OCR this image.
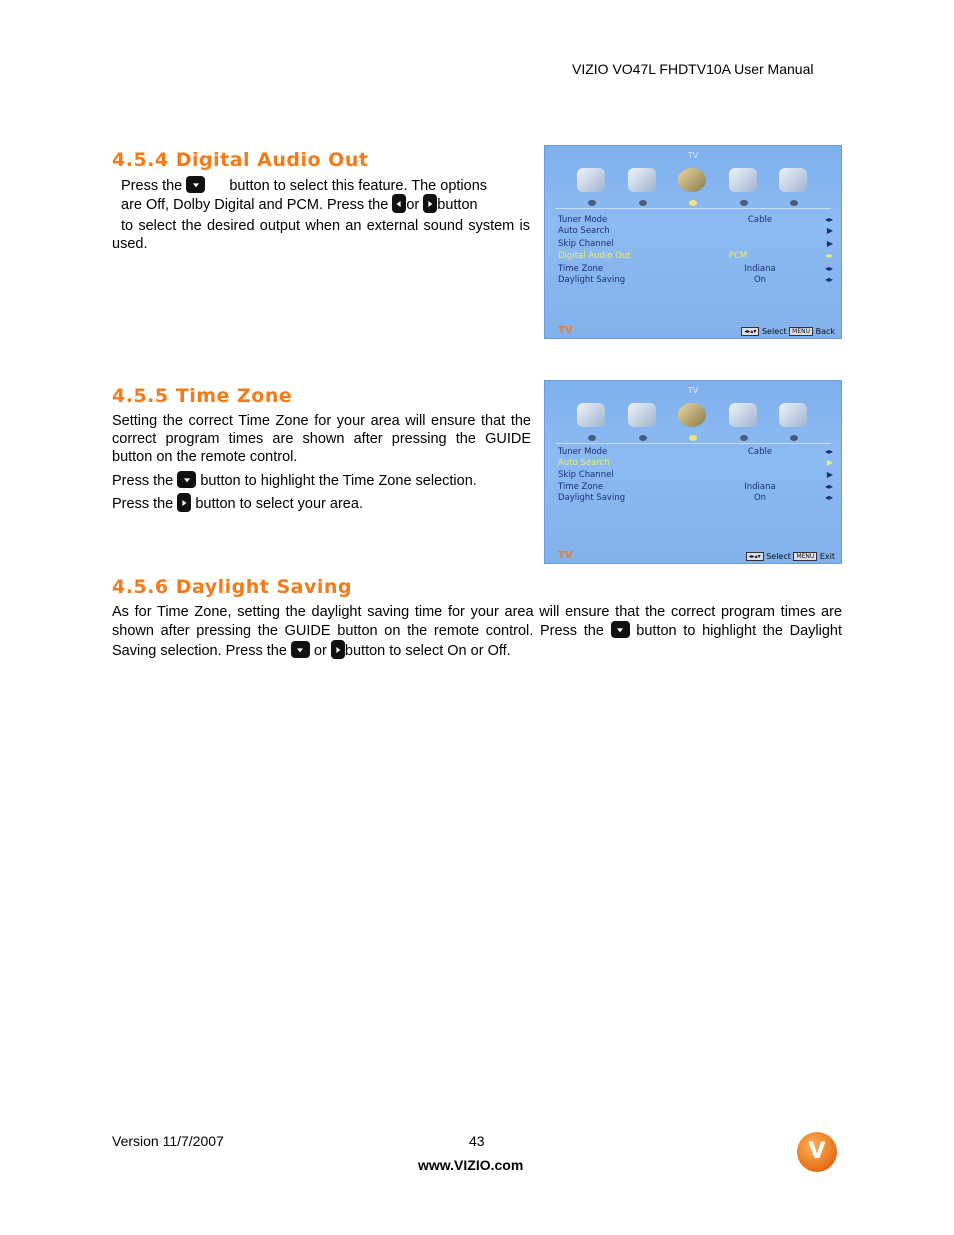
VIZIO VO47L FHDTV10A User Manual
4.5.4 Digital Audio Out
Press the	button to select this feature. The options
are Off, Dolby Digital and PCM. Press the or button
to select the desired output when an external sound system is used.
TV
Tuner Mode	Cable	◂▸
Auto Search	▶
Skip Channel	▶
Digital Audio Out	PCM	◂▸
Time Zone	Indiana	◂▸
Daylight Saving	On	◂▸
TV	◂▸▴▾ Select MENU Back
4.5.5 Time Zone
Setting the correct Time Zone for your area will ensure that the correct program times are shown after pressing the GUIDE button on the remote control.
Press the button to highlight the Time Zone selection.
Press the button to select your area.
TV
Tuner Mode	Cable	◂▸
Auto Search	▶
Skip Channel	▶
Time Zone	Indiana	◂▸
Daylight Saving	On	◂▸
TV	◂▸▴▾ Select MENU Exit
4.5.6 Daylight Saving
As for Time Zone, setting the daylight saving time for your area will ensure that the correct program times are shown after pressing the GUIDE button on the remote control. Press the button to highlight the Daylight Saving selection. Press the or button to select On or Off.
Version 11/7/2007	43
www.VIZIO.com
V
